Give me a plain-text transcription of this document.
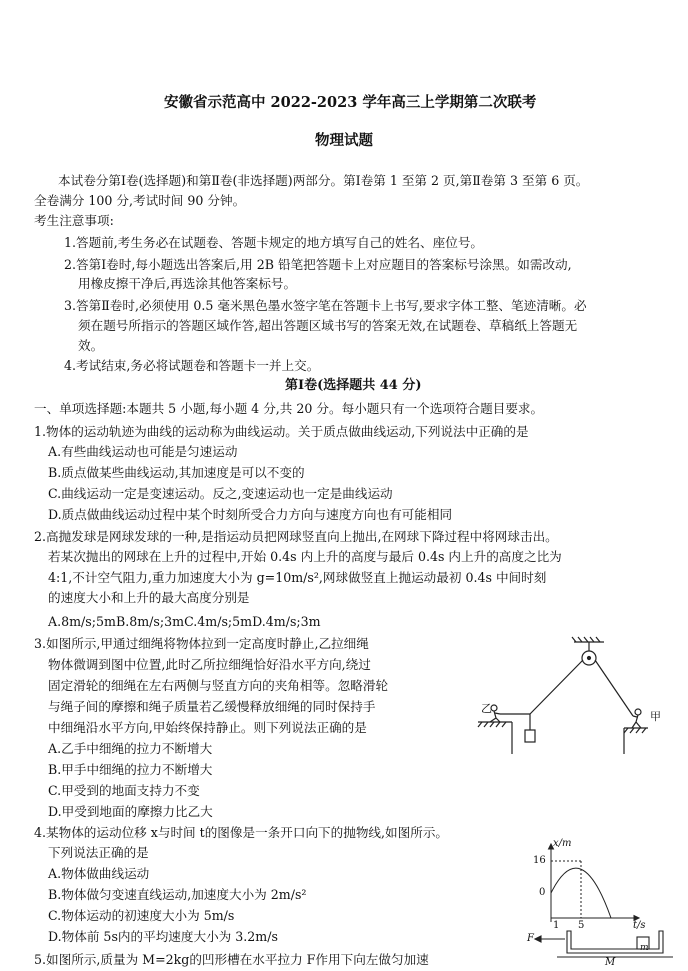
安徽省示范高中 2022-2023 学年高三上学期第二次联考
物理试题
本试卷分第Ⅰ卷(选择题)和第Ⅱ卷(非选择题)两部分。第Ⅰ卷第 1 至第 2 页,第Ⅱ卷第 3 至第 6 页。
全卷满分 100 分,考试时间 90 分钟。
考生注意事项:
1.答题前,考生务必在试题卷、答题卡规定的地方填写自己的姓名、座位号。
2.答第Ⅰ卷时,每小题选出答案后,用 2B 铅笔把答题卡上对应题目的答案标号涂黑。如需改动,
用橡皮擦干净后,再选涂其他答案标号。
3.答第Ⅱ卷时,必须使用 0.5 毫米黑色墨水签字笔在答题卡上书写,要求字体工整、笔迹清晰。必
须在题号所指示的答题区域作答,超出答题区域书写的答案无效,在试题卷、草稿纸上答题无
效。
4.考试结束,务必将试题卷和答题卡一并上交。
第Ⅰ卷(选择题共 44 分)
一、单项选择题:本题共 5 小题,每小题 4 分,共 20 分。每小题只有一个选项符合题目要求。
1.物体的运动轨迹为曲线的运动称为曲线运动。关于质点做曲线运动,下列说法中正确的是
A.有些曲线运动也可能是匀速运动
B.质点做某些曲线运动,其加速度是可以不变的
C.曲线运动一定是变速运动。反之,变速运动也一定是曲线运动
D.质点做曲线运动过程中某个时刻所受合力方向与速度方向也有可能相同
2.高抛发球是网球发球的一种,是指运动员把网球竖直向上抛出,在网球下降过程中将网球击出。
若某次抛出的网球在上升的过程中,开始 0.4s 内上升的高度与最后 0.4s 内上升的高度之比为
4:1,不计空气阻力,重力加速度大小为 g=10m/s²,网球做竖直上抛运动最初 0.4s 中间时刻
的速度大小和上升的最大高度分别是
A.8m/s;5mB.8m/s;3mC.4m/s;5mD.4m/s;3m
3.如图所示,甲通过细绳将物体拉到一定高度时静止,乙拉细绳
物体微调到图中位置,此时乙所拉细绳恰好沿水平方向,绕过
固定滑轮的细绳在左右两侧与竖直方向的夹角相等。忽略滑轮
与绳子间的摩擦和绳子质量若乙缓慢释放细绳的同时保持手
中细绳沿水平方向,甲始终保持静止。则下列说法正确的是
A.乙手中细绳的拉力不断增大
B.甲手中细绳的拉力不断增大
C.甲受到的地面支持力不变
D.甲受到地面的摩擦力比乙大
乙
甲
4.某物体的运动位移 x与时间 t的图像是一条开口向下的抛物线,如图所示。
下列说法正确的是
A.物体做曲线运动
B.物体做匀变速直线运动,加速度大小为 2m/s²
C.物体运动的初速度大小为 5m/s
D.物体前 5s内的平均速度大小为 3.2m/s
x/m
16
0
1 5	t/s
5.如图所示,质量为 M=2kg的凹形槽在水平拉力 F作用下向左做匀加速
F
m
M
